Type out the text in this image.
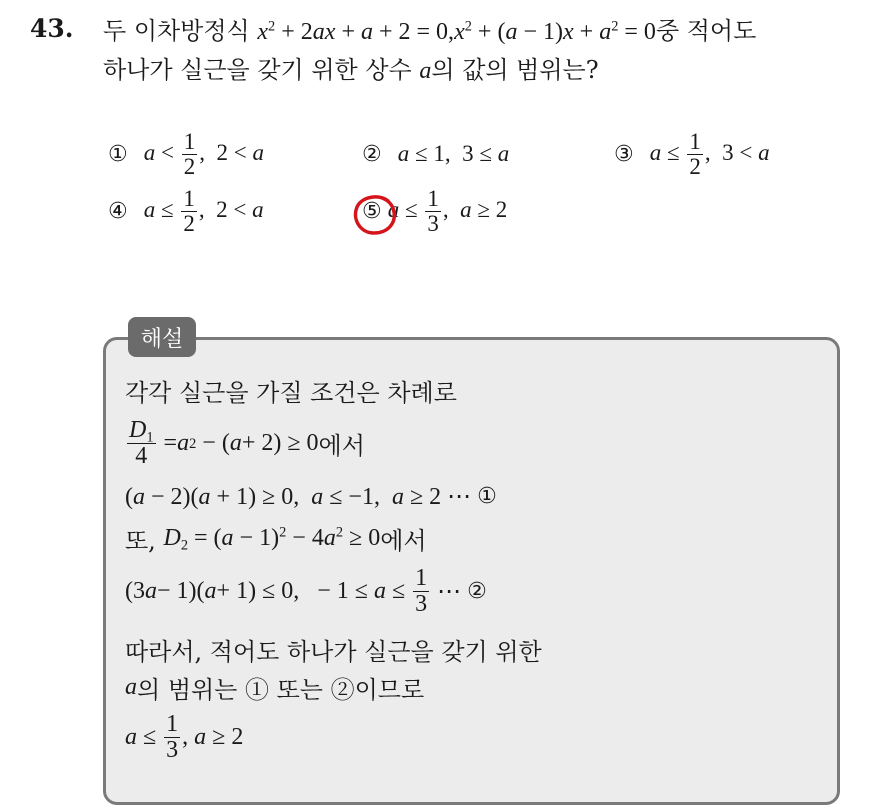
43. 두 이차방정식 $x^2 + 2ax + a + 2 = 0,x^2 + (a - 1)x + a^2 = 0$중 적어도
하나가 실근을 갖기 위한 상수 a의 값의 범위는?
① $a < \frac{1}{2}$ ,  2 < a	② a ≤ 1,  3 ≤ a	③ $a \le \frac{1}{2}$ ,  3 < a
④ $a \le \frac{1}{2}$ ,  2 < a	⑤ $a \le \frac{1}{3}$ ,  a ≥ 2
해설
각각 실근을 가질 조건은 차례로
$\frac{D_1}{4} = a$ 2 − ( a + 2) ≥ 0 에서
(a − 2)(a + 1) ≥ 0,  a ≤ −1,  a ≥ 2 ⋯ ①
또,
$D_2 = (a - 1)^2 - 4a^2 \ge 0$ 에서
(3 a − 1)( a + 1) ≤ 0,   − $1 \le a \le \frac{1}{3}$ ⋯ ②
따라서, 적어도 하나가 실근을 갖기 위한
a 의 범위는 ① 또는 ②이므로
$a \le \frac{1}{3}$ , a ≥ 2
